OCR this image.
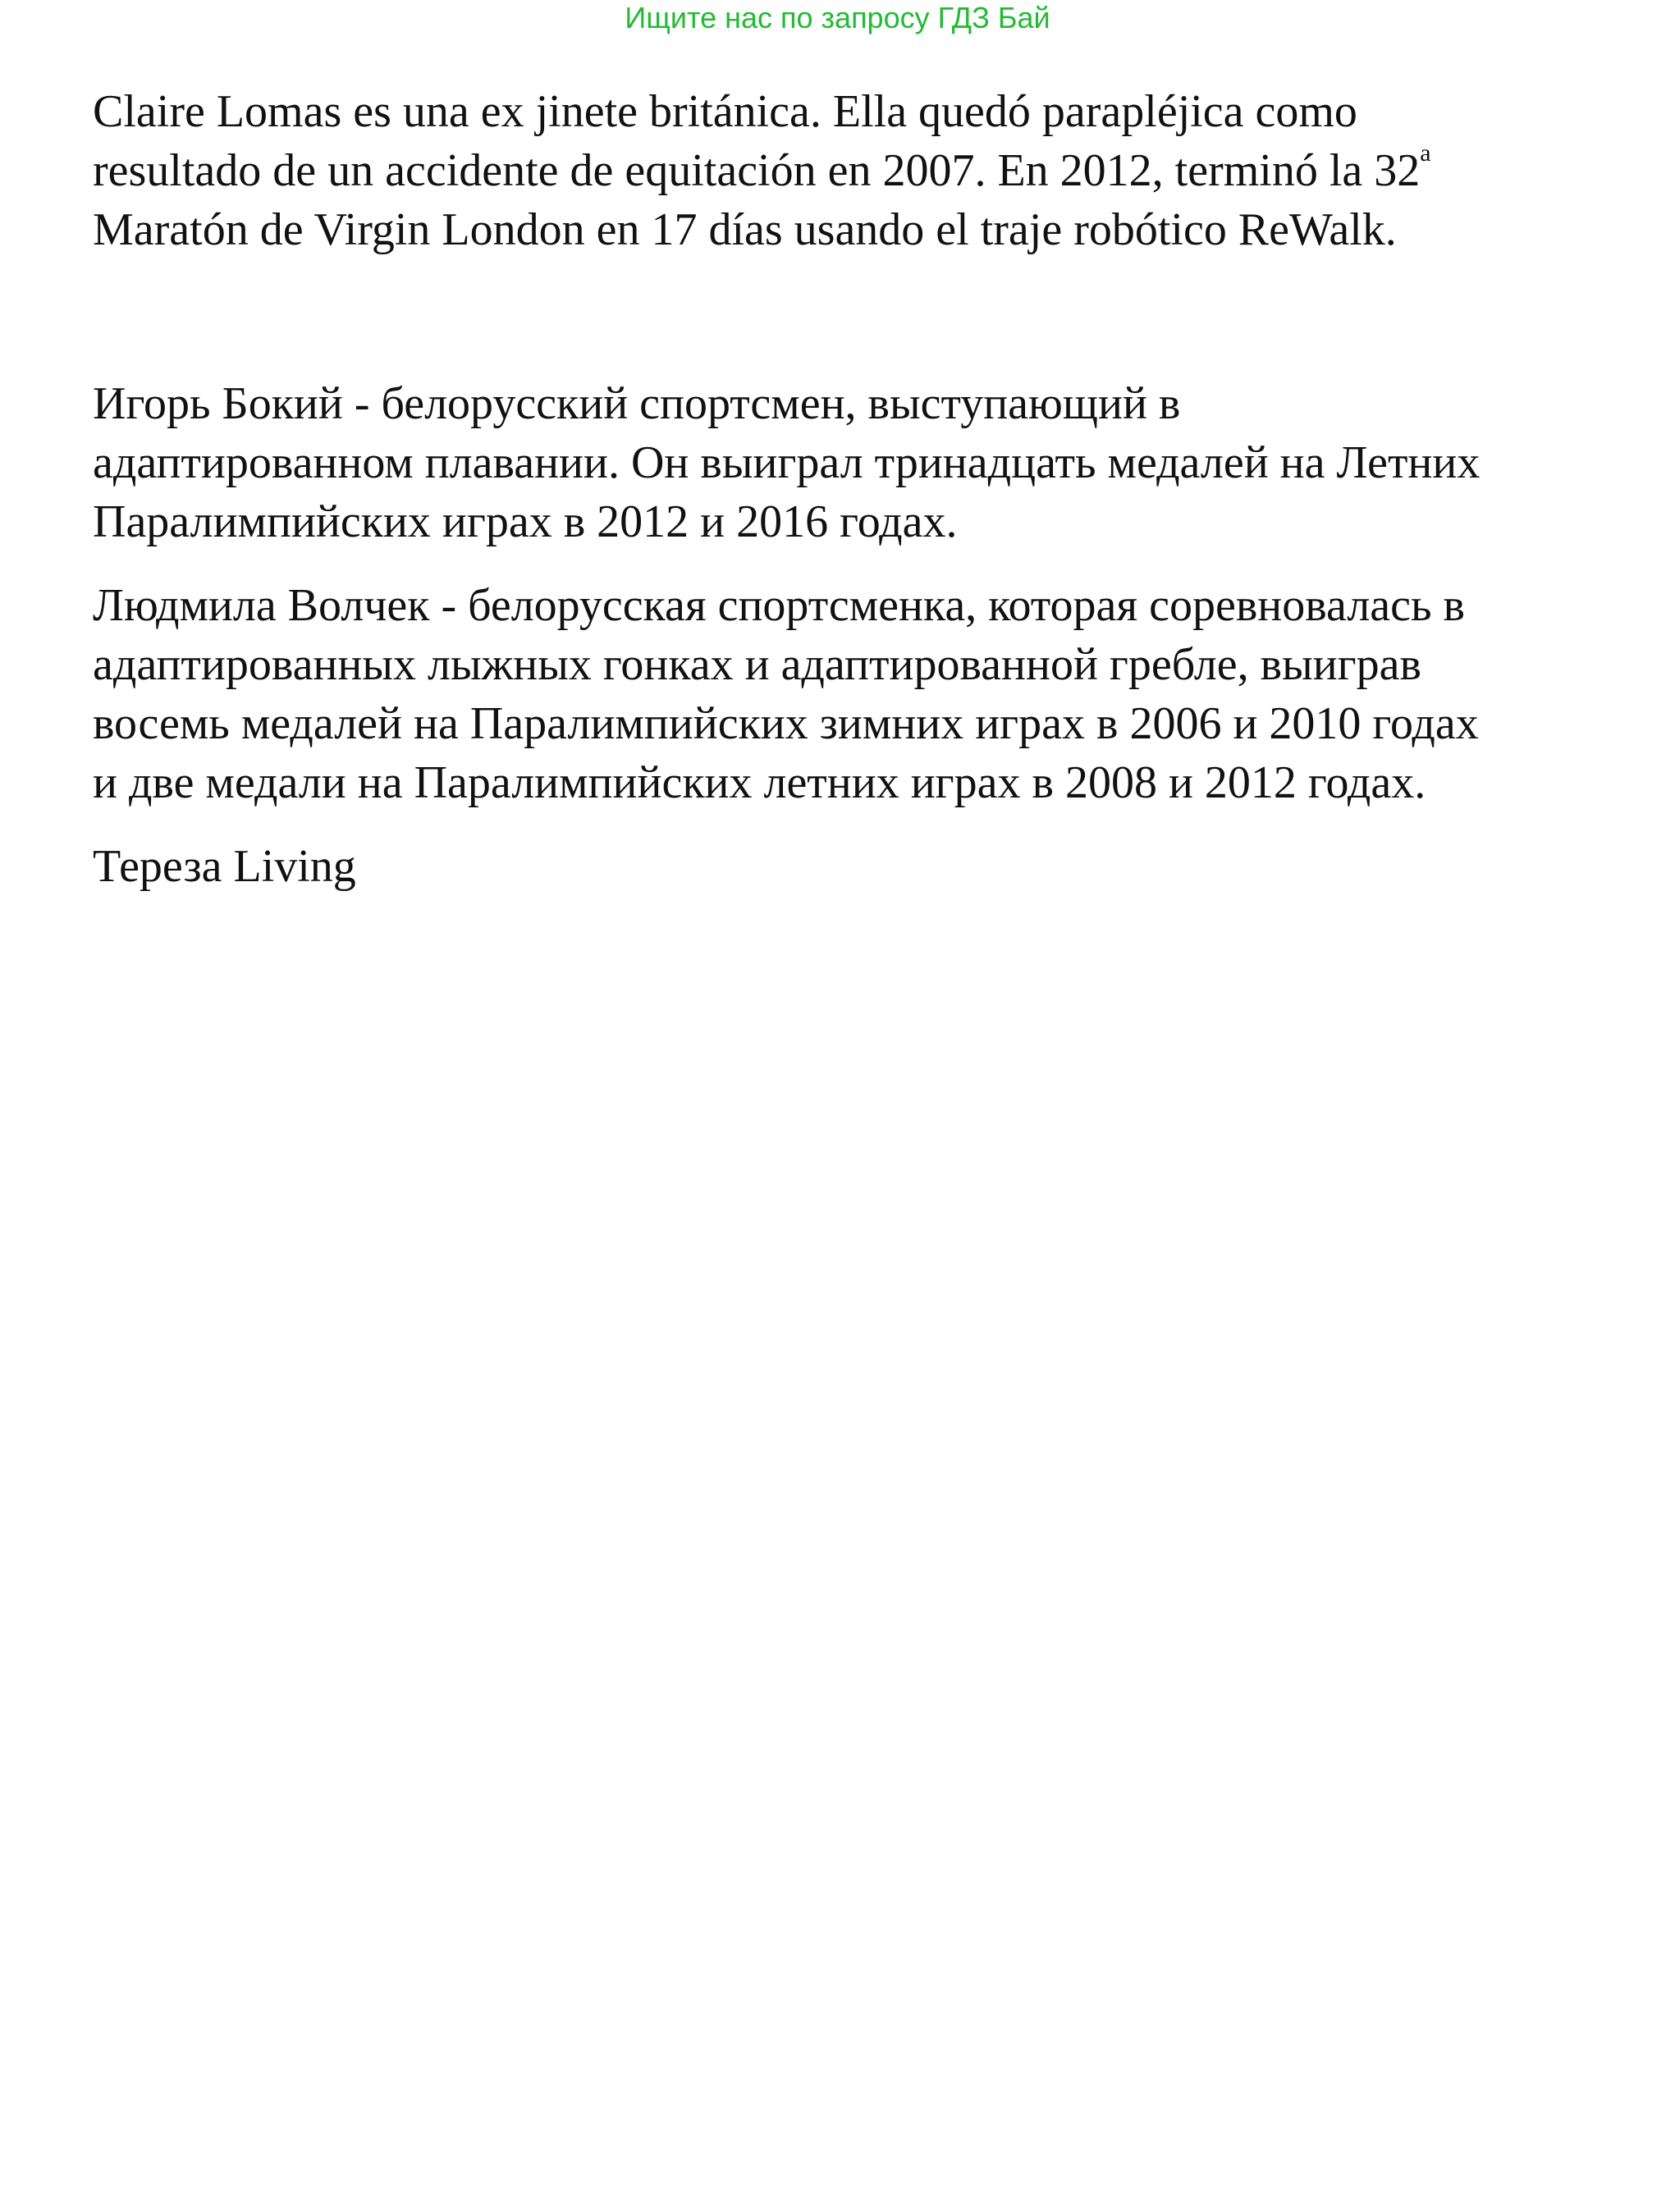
Ищите нас по запросу ГДЗ Бай

Claire Lomas es una ex jinete británica. Ella quedó parapléjica como
resultado de un accidente de equitación en 2007. En 2012, terminó la 32$^a$
Maratón de Virgin London en 17 días usando el traje robótico ReWalk.

Игорь Бокий - белорусский спортсмен, выступающий в
адаптированном плавании. Он выиграл тринадцать медалей на Летних
Паралимпийских играх в 2012 и 2016 годах.

Людмила Волчек - белорусская спортсменка, которая соревновалась в
адаптированных лыжных гонках и адаптированной гребле, выиграв
восемь медалей на Паралимпийских зимних играх в 2006 и 2010 годах
и две медали на Паралимпийских летних играх в 2008 и 2012 годах.

Тереза Living
